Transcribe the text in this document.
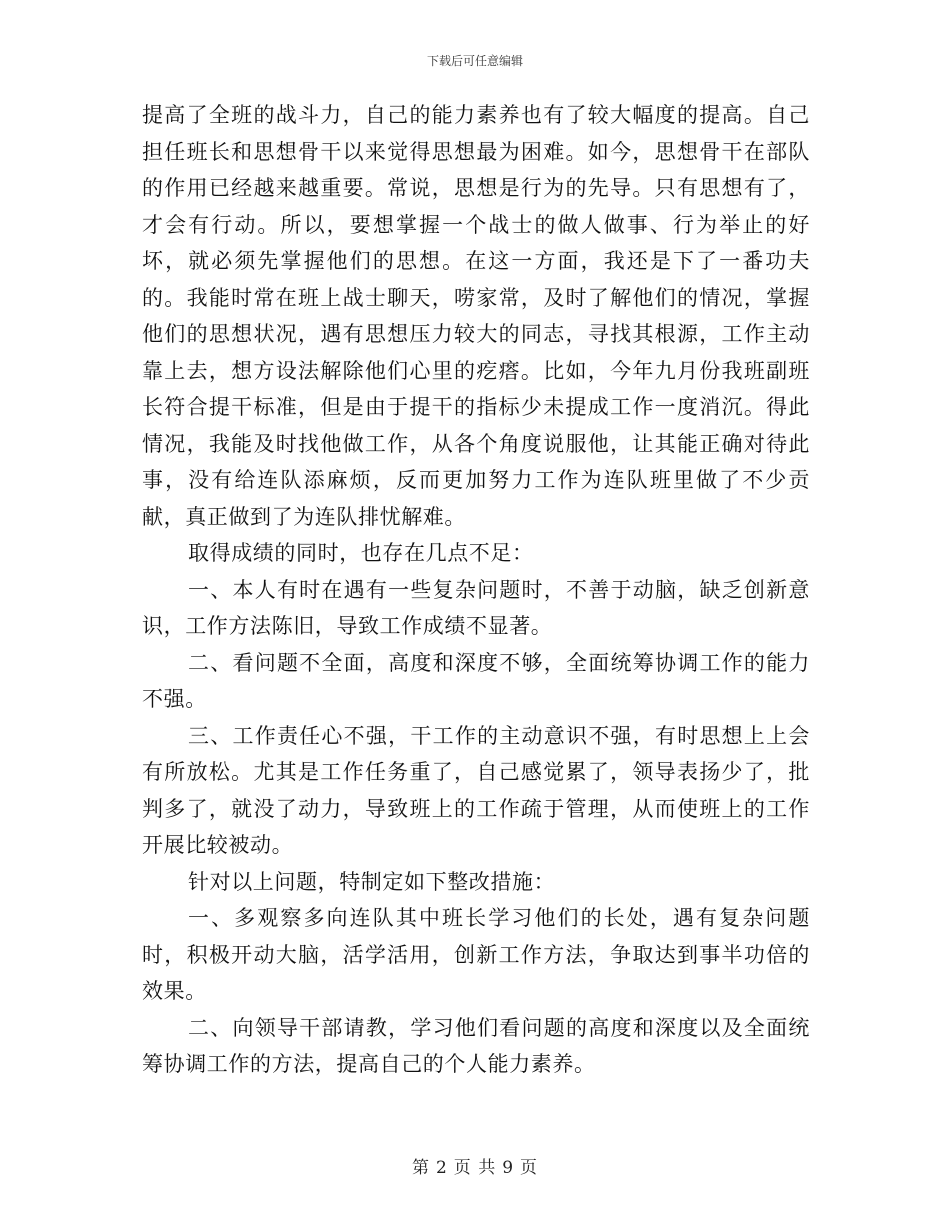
下载后可任意编辑

提高了全班的战斗力，自己的能力素养也有了较大幅度的提高。自己担任班长和思想骨干以来觉得思想最为困难。如今，思想骨干在部队的作用已经越来越重要。常说，思想是行为的先导。只有思想有了，才会有行动。所以，要想掌握一个战士的做人做事、行为举止的好坏，就必须先掌握他们的思想。在这一方面，我还是下了一番功夫的。我能时常在班上战士聊天，唠家常，及时了解他们的情况，掌握他们的思想状况，遇有思想压力较大的同志，寻找其根源，工作主动靠上去，想方设法解除他们心里的疙瘩。比如，今年九月份我班副班长符合提干标准，但是由于提干的指标少未提成工作一度消沉。得此情况，我能及时找他做工作，从各个角度说服他，让其能正确对待此事，没有给连队添麻烦，反而更加努力工作为连队班里做了不少贡献，真正做到了为连队排忧解难。

取得成绩的同时，也存在几点不足：

一、本人有时在遇有一些复杂问题时，不善于动脑，缺乏创新意识，工作方法陈旧，导致工作成绩不显著。

二、看问题不全面，高度和深度不够，全面统筹协调工作的能力不强。

三、工作责任心不强，干工作的主动意识不强，有时思想上上会有所放松。尤其是工作任务重了，自己感觉累了，领导表扬少了，批判多了，就没了动力，导致班上的工作疏于管理，从而使班上的工作开展比较被动。

针对以上问题，特制定如下整改措施：

一、多观察多向连队其中班长学习他们的长处，遇有复杂问题时，积极开动大脑，活学活用，创新工作方法，争取达到事半功倍的效果。

二、向领导干部请教，学习他们看问题的高度和深度以及全面统筹协调工作的方法，提高自己的个人能力素养。

第 2 页 共 9 页
